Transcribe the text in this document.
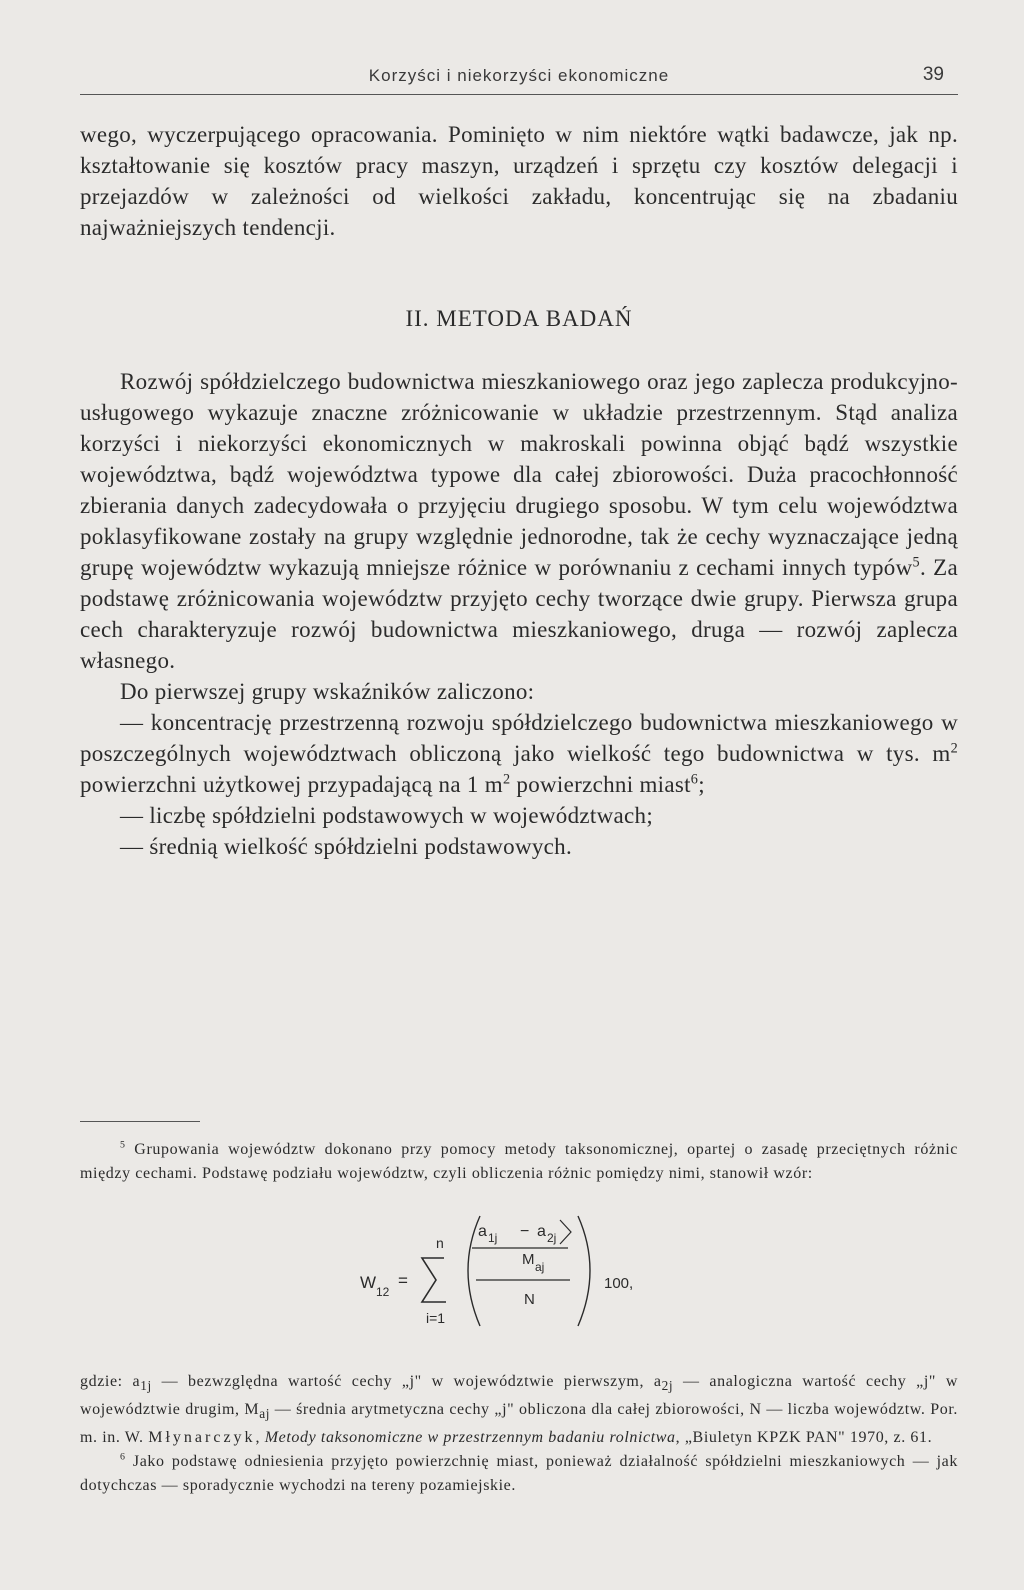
Korzyści i niekorzyści ekonomiczne	39

wego, wyczerpującego opracowania. Pominięto w nim niektóre wątki badawcze, jak np. kształtowanie się kosztów pracy maszyn, urządzeń i sprzętu czy kosztów delegacji i przejazdów w zależności od wielkości zakładu, koncentrując się na zbadaniu najważniejszych tendencji.

II. METODA BADAŃ

Rozwój spółdzielczego budownictwa mieszkaniowego oraz jego zaplecza produkcyjno-usługowego wykazuje znaczne zróżnicowanie w układzie przestrzennym. Stąd analiza korzyści i niekorzyści ekonomicznych w makroskali powinna objąć bądź wszystkie województwa, bądź województwa typowe dla całej zbiorowości. Duża pracochłonność zbierania danych zadecydowała o przyjęciu drugiego sposobu. W tym celu województwa poklasyfikowane zostały na grupy względnie jednorodne, tak że cechy wyznaczające jedną grupę województw wykazują mniejsze różnice w porównaniu z cechami innych typów$^5$. Za podstawę zróżnicowania województw przyjęto cechy tworzące dwie grupy. Pierwsza grupa cech charakteryzuje rozwój budownictwa mieszkaniowego, druga — rozwój zaplecza własnego.

Do pierwszej grupy wskaźników zaliczono:

— koncentrację przestrzenną rozwoju spółdzielczego budownictwa mieszkaniowego w poszczególnych województwach obliczoną jako wielkość tego budownictwa w tys. $m^2$ powierzchni użytkowej przypadającą na 1 $m^2$ powierzchni miast$^6$;

— liczbę spółdzielni podstawowych w województwach;

— średnią wielkość spółdzielni podstawowych.

$^5$ Grupowania województw dokonano przy pomocy metody taksonomicznej, opartej o zasadę przeciętnych różnic między cechami. Podstawę podziału województw, czyli obliczenia różnic pomiędzy nimi, stanowił wzór:

W 12
=
n
i=1
a 1j − a 2j
M aj
N
100,

gdzie: $a_{1j}$ — bezwzględna wartość cechy „j" w województwie pierwszym, $a_{2j}$ — analogiczna wartość cechy „j" w województwie drugim, $M_{aj}$ — średnia arytmetyczna cechy „j" obliczona dla całej zbiorowości, N — liczba województw. Por. m. in. W. Młynarczyk, Metody taksonomiczne w przestrzennym badaniu rolnictwa, „Biuletyn KPZK PAN" 1970, z. 61.

$^6$ Jako podstawę odniesienia przyjęto powierzchnię miast, ponieważ działalność spółdzielni mieszkaniowych — jak dotychczas — sporadycznie wychodzi na tereny pozamiejskie.
